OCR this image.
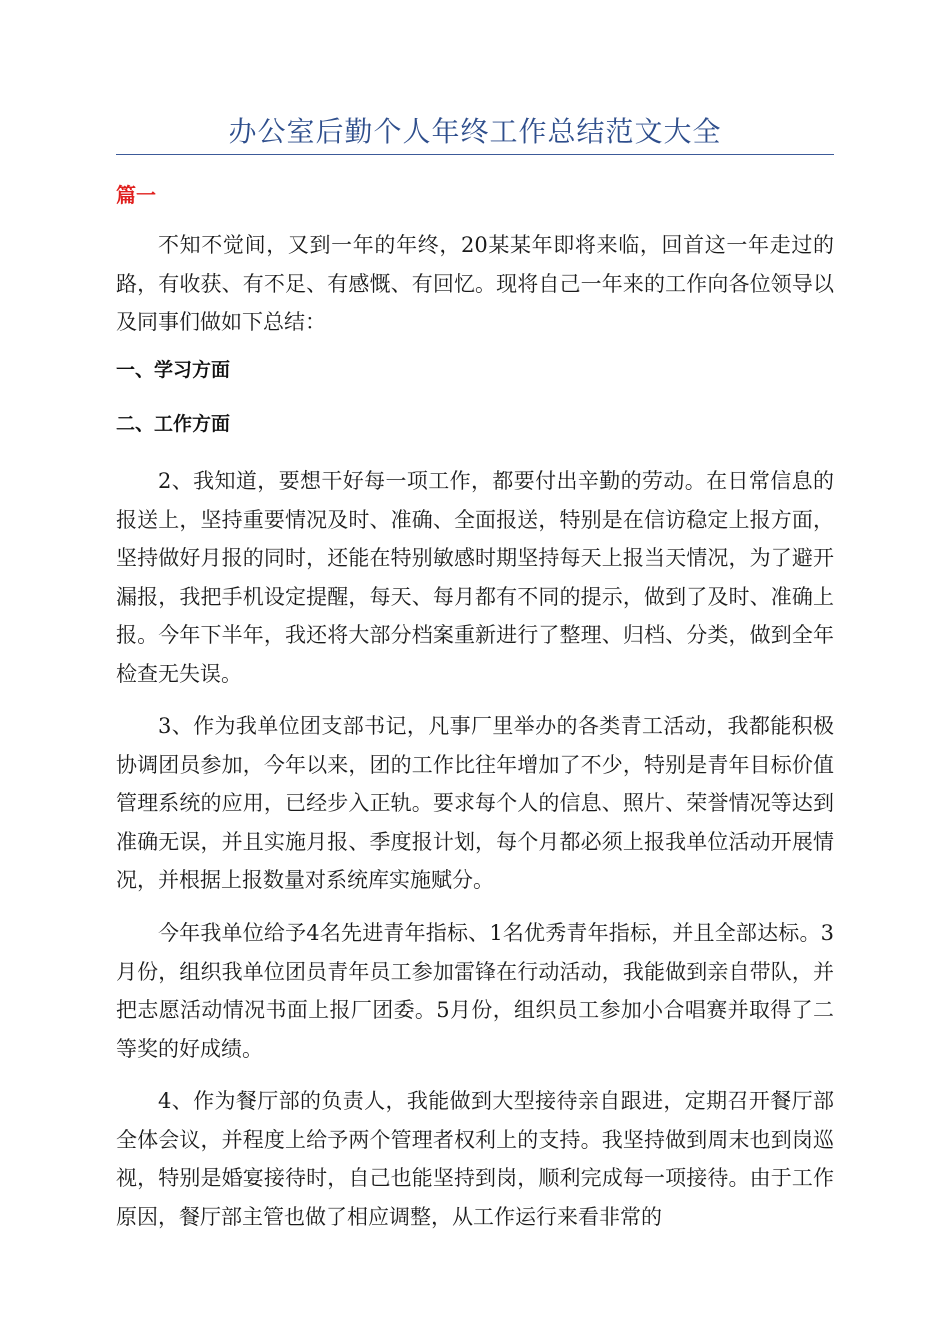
办公室后勤个人年终工作总结范文大全
篇一

不知不觉间，又到一年的年终，20某某年即将来临，回首这一年走过的路，有收获、有不足、有感慨、有回忆。现将自己一年来的工作向各位领导以及同事们做如下总结：

一、学习方面
二、工作方面

2、我知道，要想干好每一项工作，都要付出辛勤的劳动。在日常信息的报送上，坚持重要情况及时、准确、全面报送，特别是在信访稳定上报方面，坚持做好月报的同时，还能在特别敏感时期坚持每天上报当天情况，为了避开漏报，我把手机设定提醒，每天、每月都有不同的提示，做到了及时、准确上报。今年下半年，我还将大部分档案重新进行了整理、归档、分类，做到全年检查无失误。

3、作为我单位团支部书记，凡事厂里举办的各类青工活动，我都能积极协调团员参加，今年以来，团的工作比往年增加了不少，特别是青年目标价值管理系统的应用，已经步入正轨。要求每个人的信息、照片、荣誉情况等达到准确无误，并且实施月报、季度报计划，每个月都必须上报我单位活动开展情况，并根据上报数量对系统库实施赋分。

今年我单位给予4名先进青年指标、1名优秀青年指标，并且全部达标。3月份，组织我单位团员青年员工参加雷锋在行动活动，我能做到亲自带队，并把志愿活动情况书面上报厂团委。5月份，组织员工参加小合唱赛并取得了二等奖的好成绩。

4、作为餐厅部的负责人，我能做到大型接待亲自跟进，定期召开餐厅部全体会议，并程度上给予两个管理者权利上的支持。我坚持做到周末也到岗巡视，特别是婚宴接待时，自己也能坚持到岗，顺利完成每一项接待。由于工作原因，餐厅部主管也做了相应调整，从工作运行来看非常的
